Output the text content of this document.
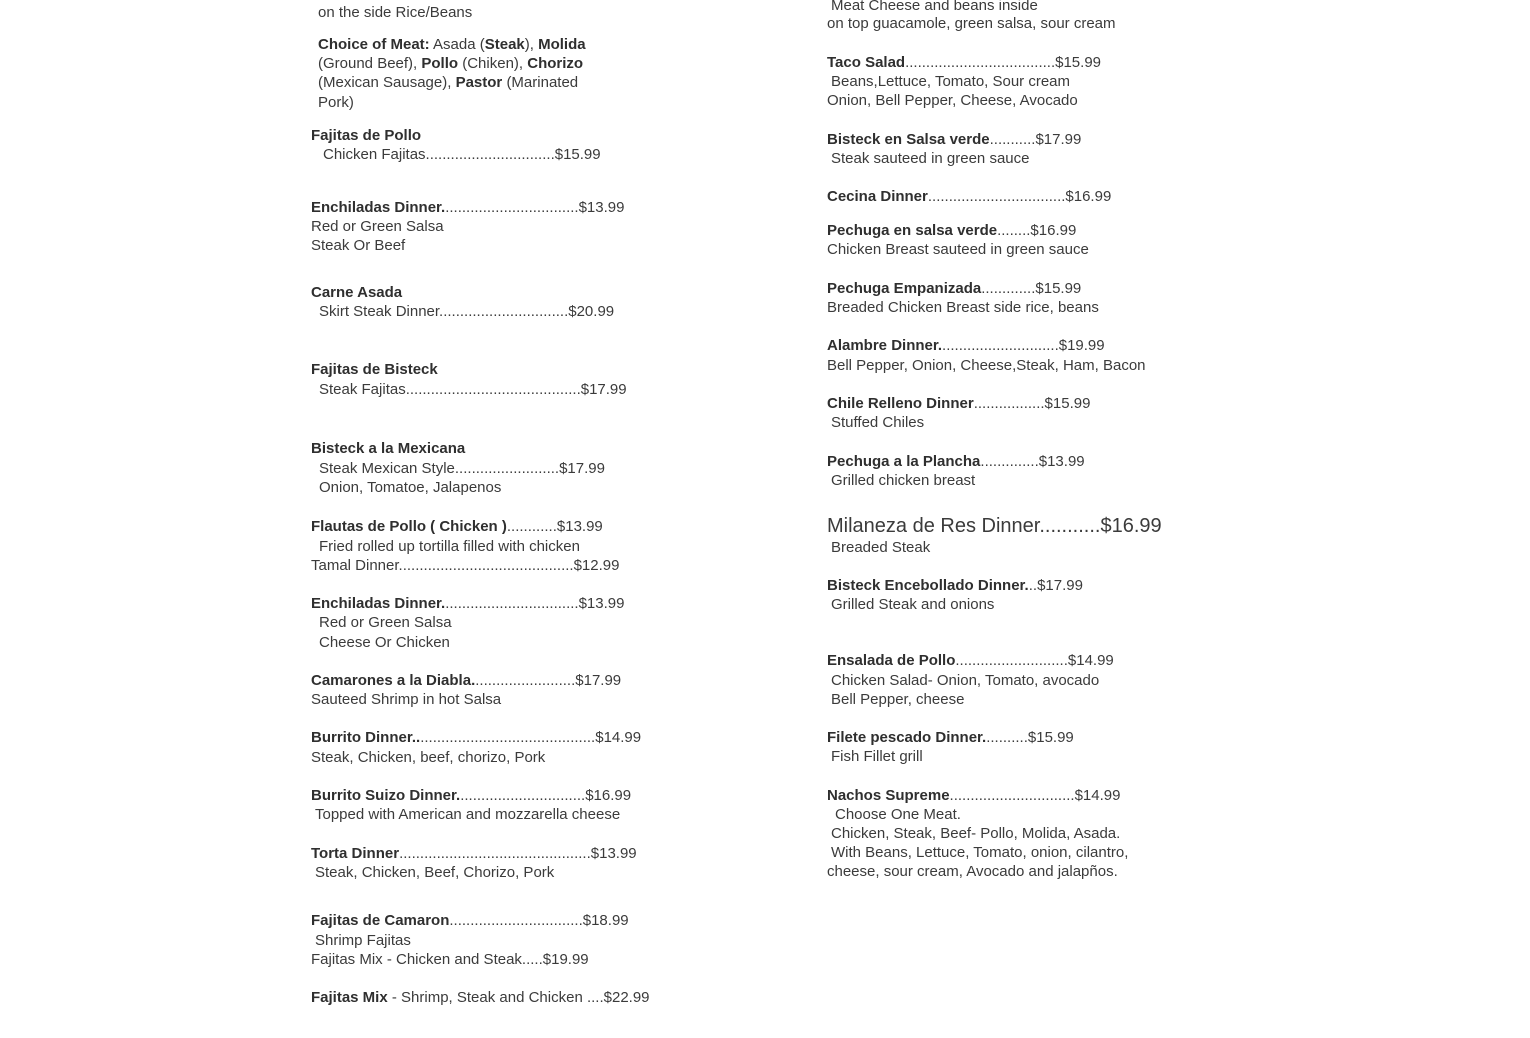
on the side Rice/Beans
Choice of Meat: Asada (Steak), Molida
(Ground Beef), Pollo (Chiken), Chorizo
(Mexican Sausage), Pastor (Marinated
Pork)
Fajitas de Pollo
Chicken Fajitas...............................$15.99
Enchiladas Dinner.................................$13.99
Red or Green Salsa
Steak Or Beef
Carne Asada
Skirt Steak Dinner...............................$20.99
Fajitas de Bisteck
Steak Fajitas..........................................$17.99
Bisteck a la Mexicana
Steak Mexican Style.........................$17.99
Onion, Tomatoe, Jalapenos
Flautas de Pollo ( Chicken )............$13.99
Fried rolled up tortilla filled with chicken
Tamal Dinner..........................................$12.99
Enchiladas Dinner.................................$13.99
Red or Green Salsa
Cheese Or Chicken
Camarones a la Diabla.........................$17.99
Sauteed Shrimp in hot Salsa
Burrito Dinner............................................$14.99
Steak, Chicken, beef, chorizo, Pork
Burrito Suizo Dinner...............................$16.99
Topped with American and mozzarella cheese
Torta Dinner..............................................$13.99
Steak, Chicken, Beef, Chorizo, Pork
Fajitas de Camaron................................$18.99
Shrimp Fajitas
Fajitas Mix - Chicken and Steak.....$19.99
Fajitas Mix - Shrimp, Steak and Chicken ....$22.99
Meat Cheese and beans inside
on top guacamole, green salsa, sour cream
Taco Salad....................................$15.99
Beans,Lettuce, Tomato, Sour cream
Onion, Bell Pepper, Cheese, Avocado
Bisteck en Salsa verde...........$17.99
Steak sauteed in green sauce
Cecina Dinner.................................$16.99
Pechuga en salsa verde........$16.99
Chicken Breast sauteed in green sauce
Pechuga Empanizada.............$15.99
Breaded Chicken Breast side rice, beans
Alambre Dinner.............................$19.99
Bell Pepper, Onion, Cheese,Steak, Ham, Bacon
Chile Relleno Dinner.................$15.99
Stuffed Chiles
Pechuga a la Plancha..............$13.99
Grilled chicken breast
Milaneza de Res Dinner...........$16.99
Breaded Steak
Bisteck Encebollado Dinner...$17.99
Grilled Steak and onions
Ensalada de Pollo...........................$14.99
Chicken Salad- Onion, Tomato, avocado
Bell Pepper, cheese
Filete pescado Dinner...........$15.99
Fish Fillet grill
Nachos Supreme..............................$14.99
Choose One Meat.
Chicken, Steak, Beef- Pollo, Molida, Asada.
With Beans, Lettuce, Tomato, onion, cilantro,
cheese, sour cream, Avocado and jalapños.
